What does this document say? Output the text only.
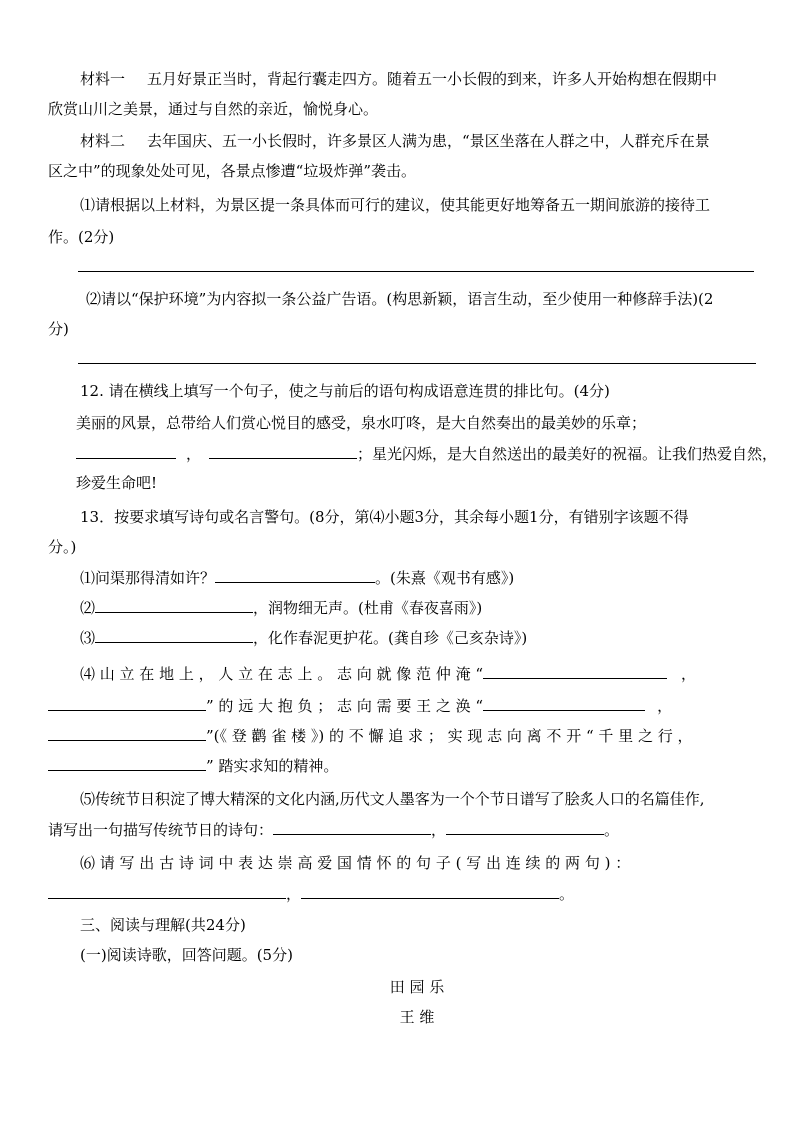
材料一 五月好景正当时，背起行囊走四方。随着五一小长假的到来，许多人开始构想在假期中
欣赏山川之美景，通过与自然的亲近，愉悦身心。
材料二 去年国庆、五一小长假时，许多景区人满为患，“景区坐落在人群之中，人群充斥在景
区之中”的现象处处可见，各景点惨遭“垃圾炸弹”袭击。
⑴请根据以上材料，为景区提一条具体而可行的建议，使其能更好地筹备五一期间旅游的接待工
作。(2分)
⑵请以“保护环境”为内容拟一条公益广告语。(构思新颖，语言生动，至少使用一种修辞手法)(2
分)
12. 请在横线上填写一个句子，使之与前后的语句构成语意连贯的排比句。(4分)
美丽的风景，总带给人们赏心悦目的感受，泉水叮咚，是大自然奏出的最美妙的乐章；
，	；星光闪烁，是大自然送出的最美好的祝福。让我们热爱自然，
珍爱生命吧!
13．按要求填写诗句或名言警句。(8分，第⑷小题3分，其余每小题1分，有错别字该题不得
分。)
⑴问渠那得清如许？	。(朱熹《观书有感》)
⑵	，润物细无声。(杜甫《春夜喜雨》)
⑶	，化作春泥更护花。(龚自珍《己亥杂诗》)
⑷ 山 立 在 地 上 ， 人 立 在 志 上 。 志 向 就 像 范 仲 淹 “	，
” 的 远 大 抱 负 ； 志 向 需 要 王 之 涣 “	，
”(《 登 鹳 雀 楼 》) 的 不 懈 追 求 ； 实 现 志 向 离 不 开 “ 千 里 之 行 ，
” 踏实求知的精神。
⑸传统节日积淀了博大精深的文化内涵,历代文人墨客为一个个节日谱写了脍炙人口的名篇佳作,
请写出一句描写传统节日的诗句：	，	。
⑹ 请 写 出 古 诗 词 中 表 达 崇 高 爱 国 情 怀 的 句 子 ( 写 出 连 续 的 两 句 ) ：
，	。
三、阅读与理解(共24分)
(一)阅读诗歌，回答问题。(5分)
田 园 乐
王 维
